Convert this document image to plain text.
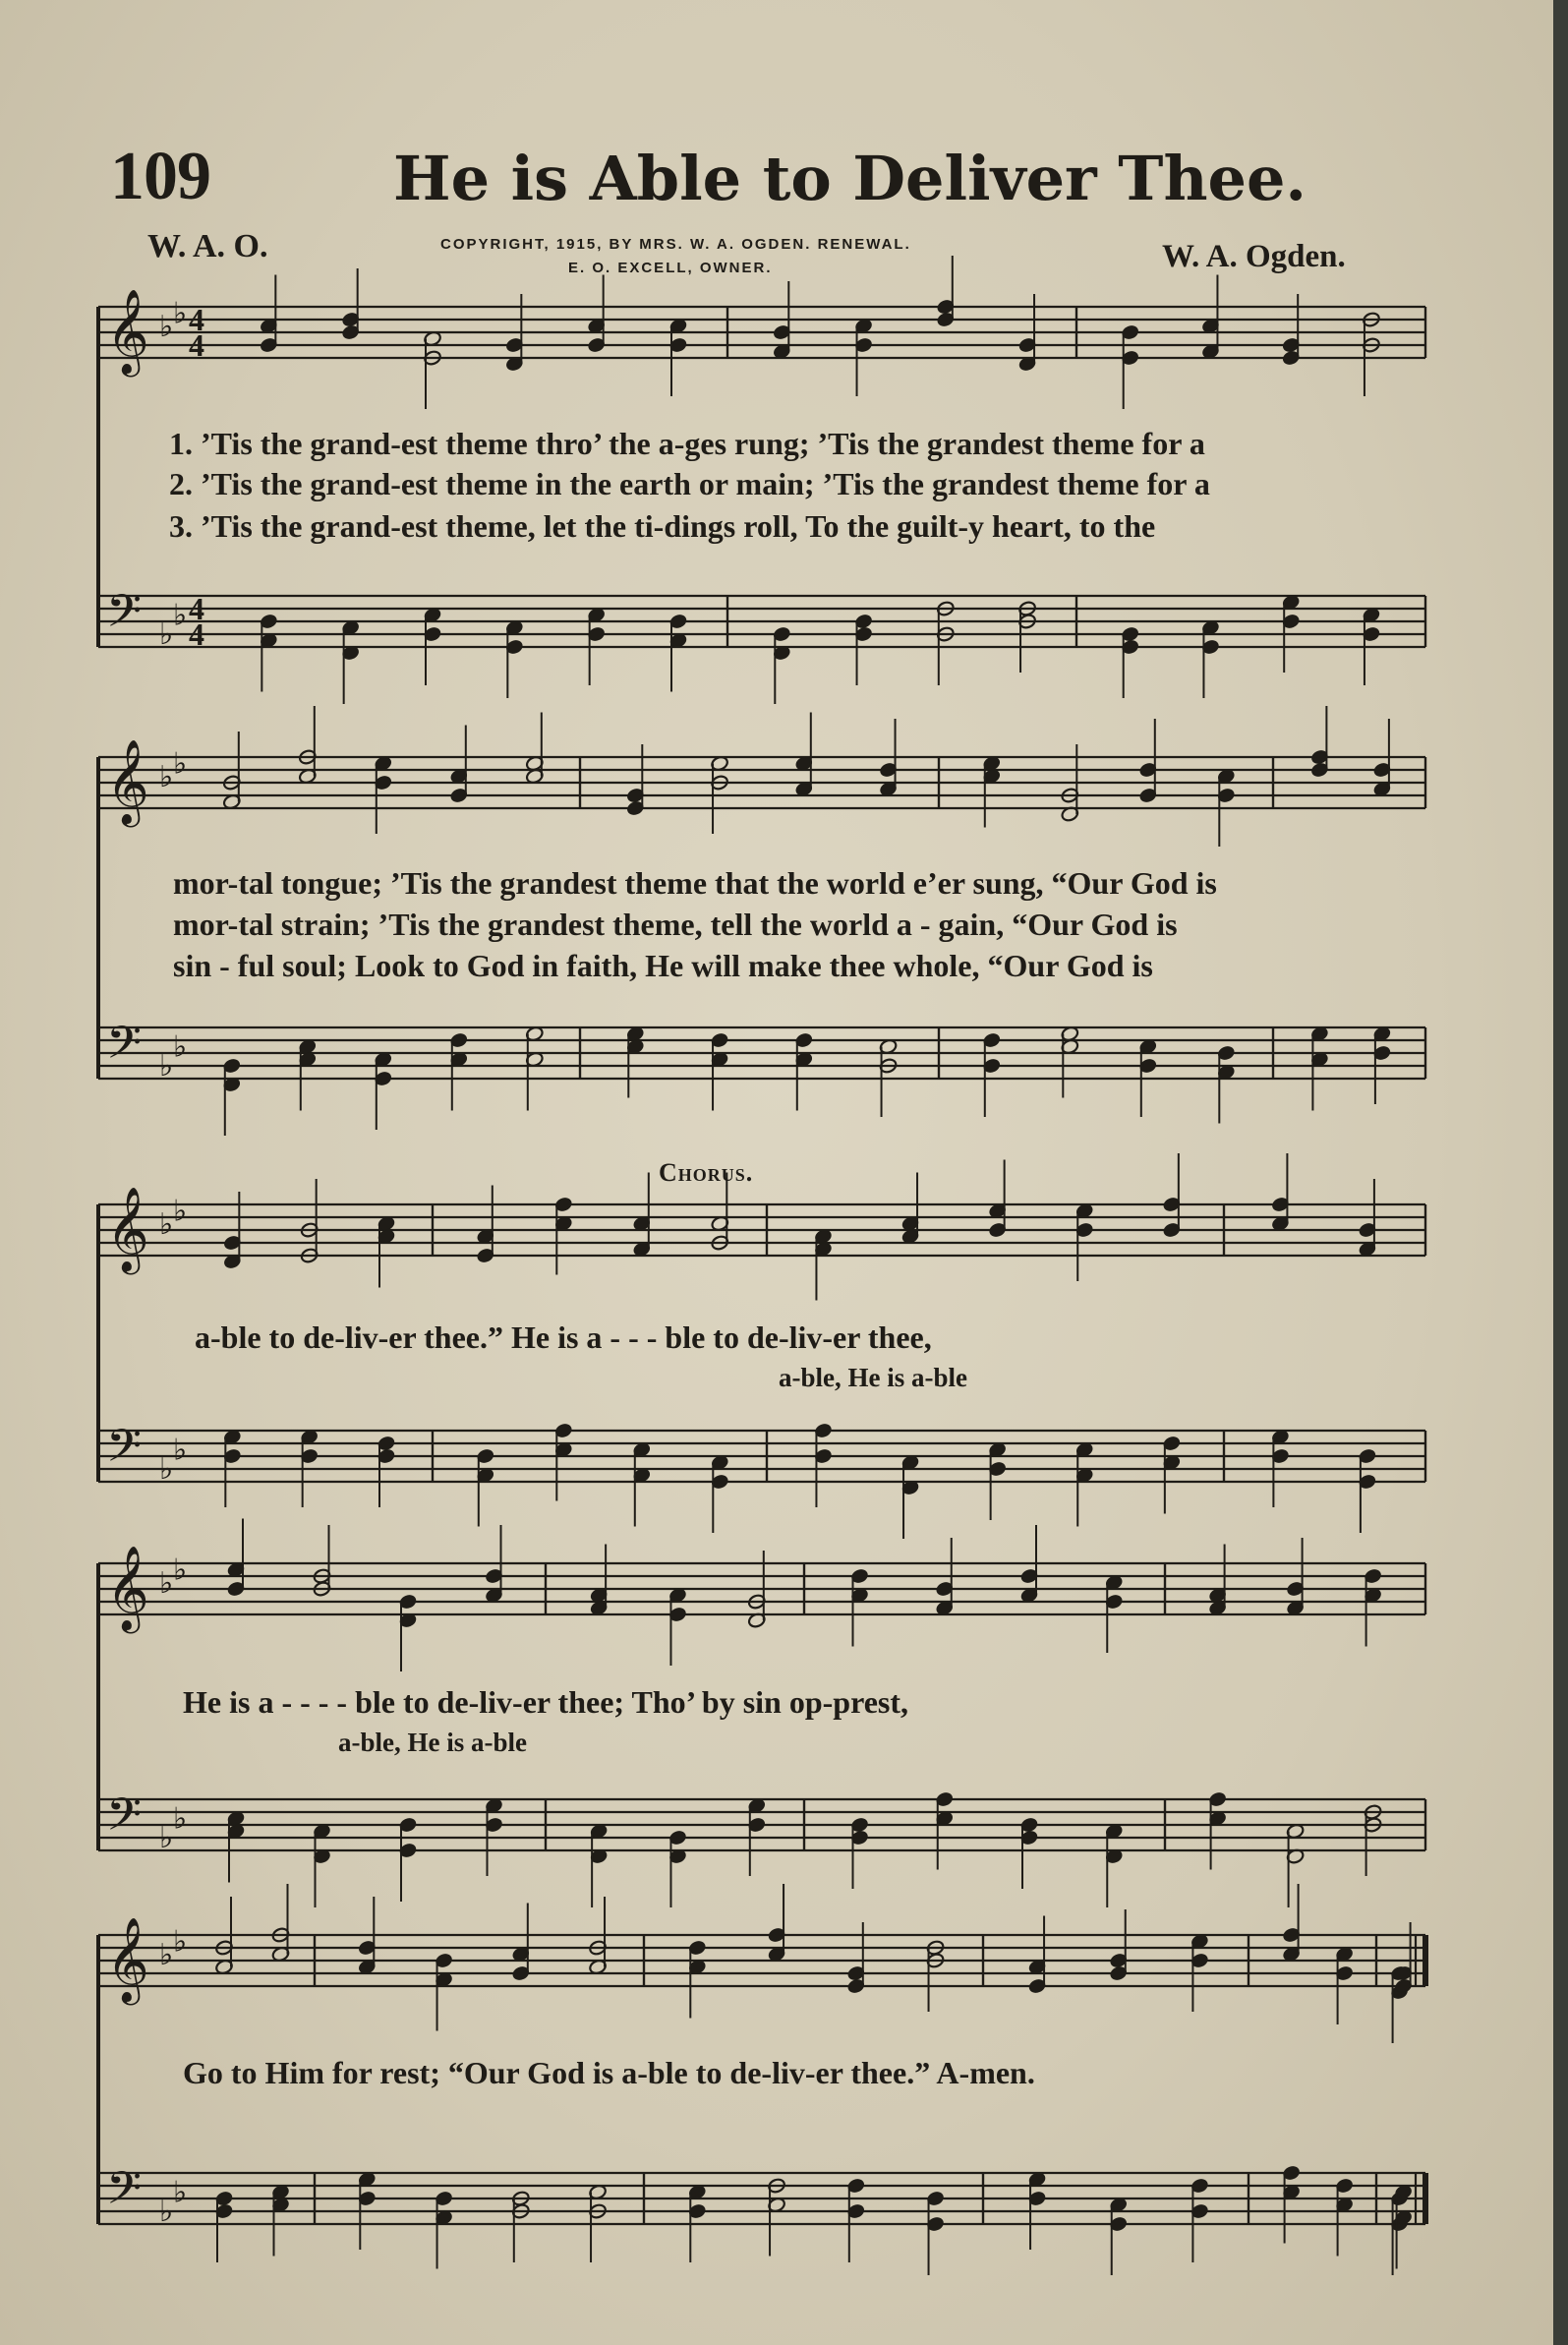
109	He is Able to Deliver Thee.
W. A. O.	COPYRIGHT, 1915, BY MRS. W. A. OGDEN. RENEWAL.
E. O. EXCELL, OWNER.	W. A. Ogden.
𝄞 ♭ ♭ 4
4
𝄢 ♭
♭ 4
4
𝄞 ♭ ♭
𝄢 ♭
♭
𝄞 ♭ ♭
𝄢 ♭
♭
𝄞 ♭ ♭
𝄢 ♭
♭
𝄞 ♭ ♭
𝄢 ♭
♭
1. ’Tis the grand-est theme thro’ the a-ges rung; ’Tis the grandest theme for a
2. ’Tis the grand-est theme in the earth or main; ’Tis the grandest theme for a
3. ’Tis the grand-est theme, let the ti-dings roll, To the guilt-y heart, to the
mor-tal tongue; ’Tis the grandest theme that the world e’er sung, “Our God is
mor-tal strain; ’Tis the grandest theme, tell the world a - gain, “Our God is
sin - ful soul; Look to God in faith, He will make thee whole, “Our God is
Chorus.
a-ble to de-liv-er thee.” He is a - - - ble to de-liv-er thee,
a-ble, He is a-ble
He is a - - - - ble to de-liv-er thee; Tho’ by sin op-prest,
a-ble, He is a-ble
Go to Him for rest; “Our God is a-ble to de-liv-er thee.” A-men.
